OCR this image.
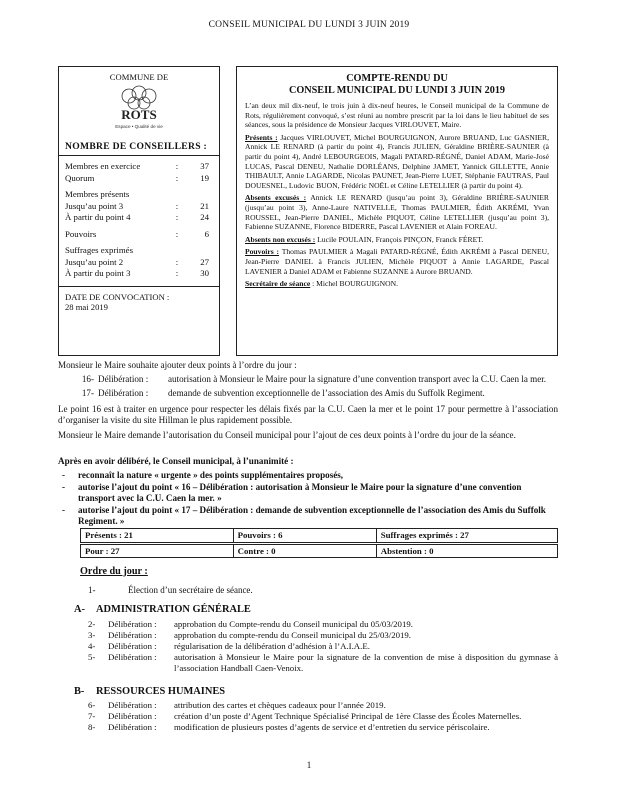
CONSEIL MUNICIPAL DU LUNDI 3 JUIN 2019
COMMUNE DE
ROTS
Espace • Qualité de vie
NOMBRE DE CONSEILLERS :
Membres en exercice	:	37
Quorum	:	19
Membres présents
Jusqu’au point 3	:	21
À partir du point 4	:	24
Pouvoirs	:	6
Suffrages exprimés
Jusqu’au point 2	:	27
À partir du point 3	:	30
DATE DE CONVOCATION :
28 mai 2019
COMPTE-RENDU DU
CONSEIL MUNICIPAL DU LUNDI 3 JUIN 2019

L’an deux mil dix-neuf, le trois juin à dix-neuf heures, le Conseil municipal de la Commune de Rots, régulièrement convoqué, s’est réuni au nombre prescrit par la loi dans le lieu habituel de ses séances, sous la présidence de Monsieur Jacques VIRLOUVET, Maire.

Présents : Jacques VIRLOUVET, Michel BOURGUIGNON, Aurore BRUAND, Luc GASNIER, Annick LE RENARD (à partir du point 4), Francis JULIEN, Géraldine BRIÈRE-SAUNIER (à partir du point 4), André LEBOURGEOIS, Magali PATARD-RÉGNÉ, Daniel ADAM, Marie-José LUCAS, Pascal DENEU, Nathalie DORLÉANS, Delphine JAMET, Yannick GILLETTE, Annie THIBAULT, Annie LAGARDE, Nicolas PAUNET, Jean-Pierre LUET, Stéphanie FAUTRAS, Paul DOUESNEL, Ludovic BUON, Frédéric NOËL et Céline LETELLIER (à partir du point 4).

Absents excusés : Annick LE RENARD (jusqu’au point 3), Géraldine BRIÈRE-SAUNIER (jusqu’au point 3), Anne-Laure NATIVELLE, Thomas PAULMIER, Édith AKRÉMI, Yvan ROUSSEL, Jean-Pierre DANIEL, Michèle PIQUOT, Céline LETELLIER (jusqu’au point 3), Fabienne SUZANNE, Florence BIDERRE, Pascal LAVENIER et Alain FOREAU.

Absents non excusés : Lucile POULAIN, François PINÇON, Franck FÉRET.

Pouvoirs : Thomas PAULMIER à Magali PATARD-RÉGNÉ, Édith AKRÉMI à Pascal DENEU, Jean-Pierre DANIEL à Francis JULIEN, Michèle PIQUOT à Annie LAGARDE, Pascal LAVENIER à Daniel ADAM et Fabienne SUZANNE à Aurore BRUAND.

Secrétaire de séance : Michel BOURGUIGNON.

Monsieur le Maire souhaite ajouter deux points à l’ordre du jour :
16- Délibération :	autorisation à Monsieur le Maire pour la signature d’une convention transport avec la C.U. Caen la mer.
17- Délibération :	demande de subvention exceptionnelle de l’association des Amis du Suffolk Regiment.
Le point 16 est à traiter en urgence pour respecter les délais fixés par la C.U. Caen la mer et le point 17 pour permettre à l’association d’organiser la visite du site Hillman le plus rapidement possible.
Monsieur le Maire demande l’autorisation du Conseil municipal pour l’ajout de ces deux points à l’ordre du jour de la séance.
Après en avoir délibéré, le Conseil municipal, à l’unanimité :
-	reconnaît la nature « urgente » des points supplémentaires proposés,
-	autorise l’ajout du point « 16 – Délibération : autorisation à Monsieur le Maire pour la signature d’une convention transport avec la C.U. Caen la mer. »
-	autorise l’ajout du point « 17 – Délibération : demande de subvention exceptionnelle de l’association des Amis du Suffolk Regiment. »
Présents : 21	Pouvoirs : 6	Suffrages exprimés : 27

Pour : 27	Contre : 0	Abstention : 0
Ordre du jour :
1-	Élection d’un secrétaire de séance.
A-	ADMINISTRATION GÉNÉRALE
2-	Délibération :	approbation du Compte-rendu du Conseil municipal du 05/03/2019.
3-	Délibération :	approbation du compte-rendu du Conseil municipal du 25/03/2019.
4-	Délibération :	régularisation de la délibération d’adhésion à l’A.I.A.E.
5-	Délibération :	autorisation à Monsieur le Maire pour la signature de la convention de mise à disposition du gymnase à l’association Handball Caen-Venoix.
B-	RESSOURCES HUMAINES
6-	Délibération :	attribution des cartes et chèques cadeaux pour l’année 2019.
7-	Délibération :	création d’un poste d’Agent Technique Spécialisé Principal de 1ère Classe des Écoles Maternelles.
8-	Délibération :	modification de plusieurs postes d’agents de service et d’entretien du service périscolaire.
1
